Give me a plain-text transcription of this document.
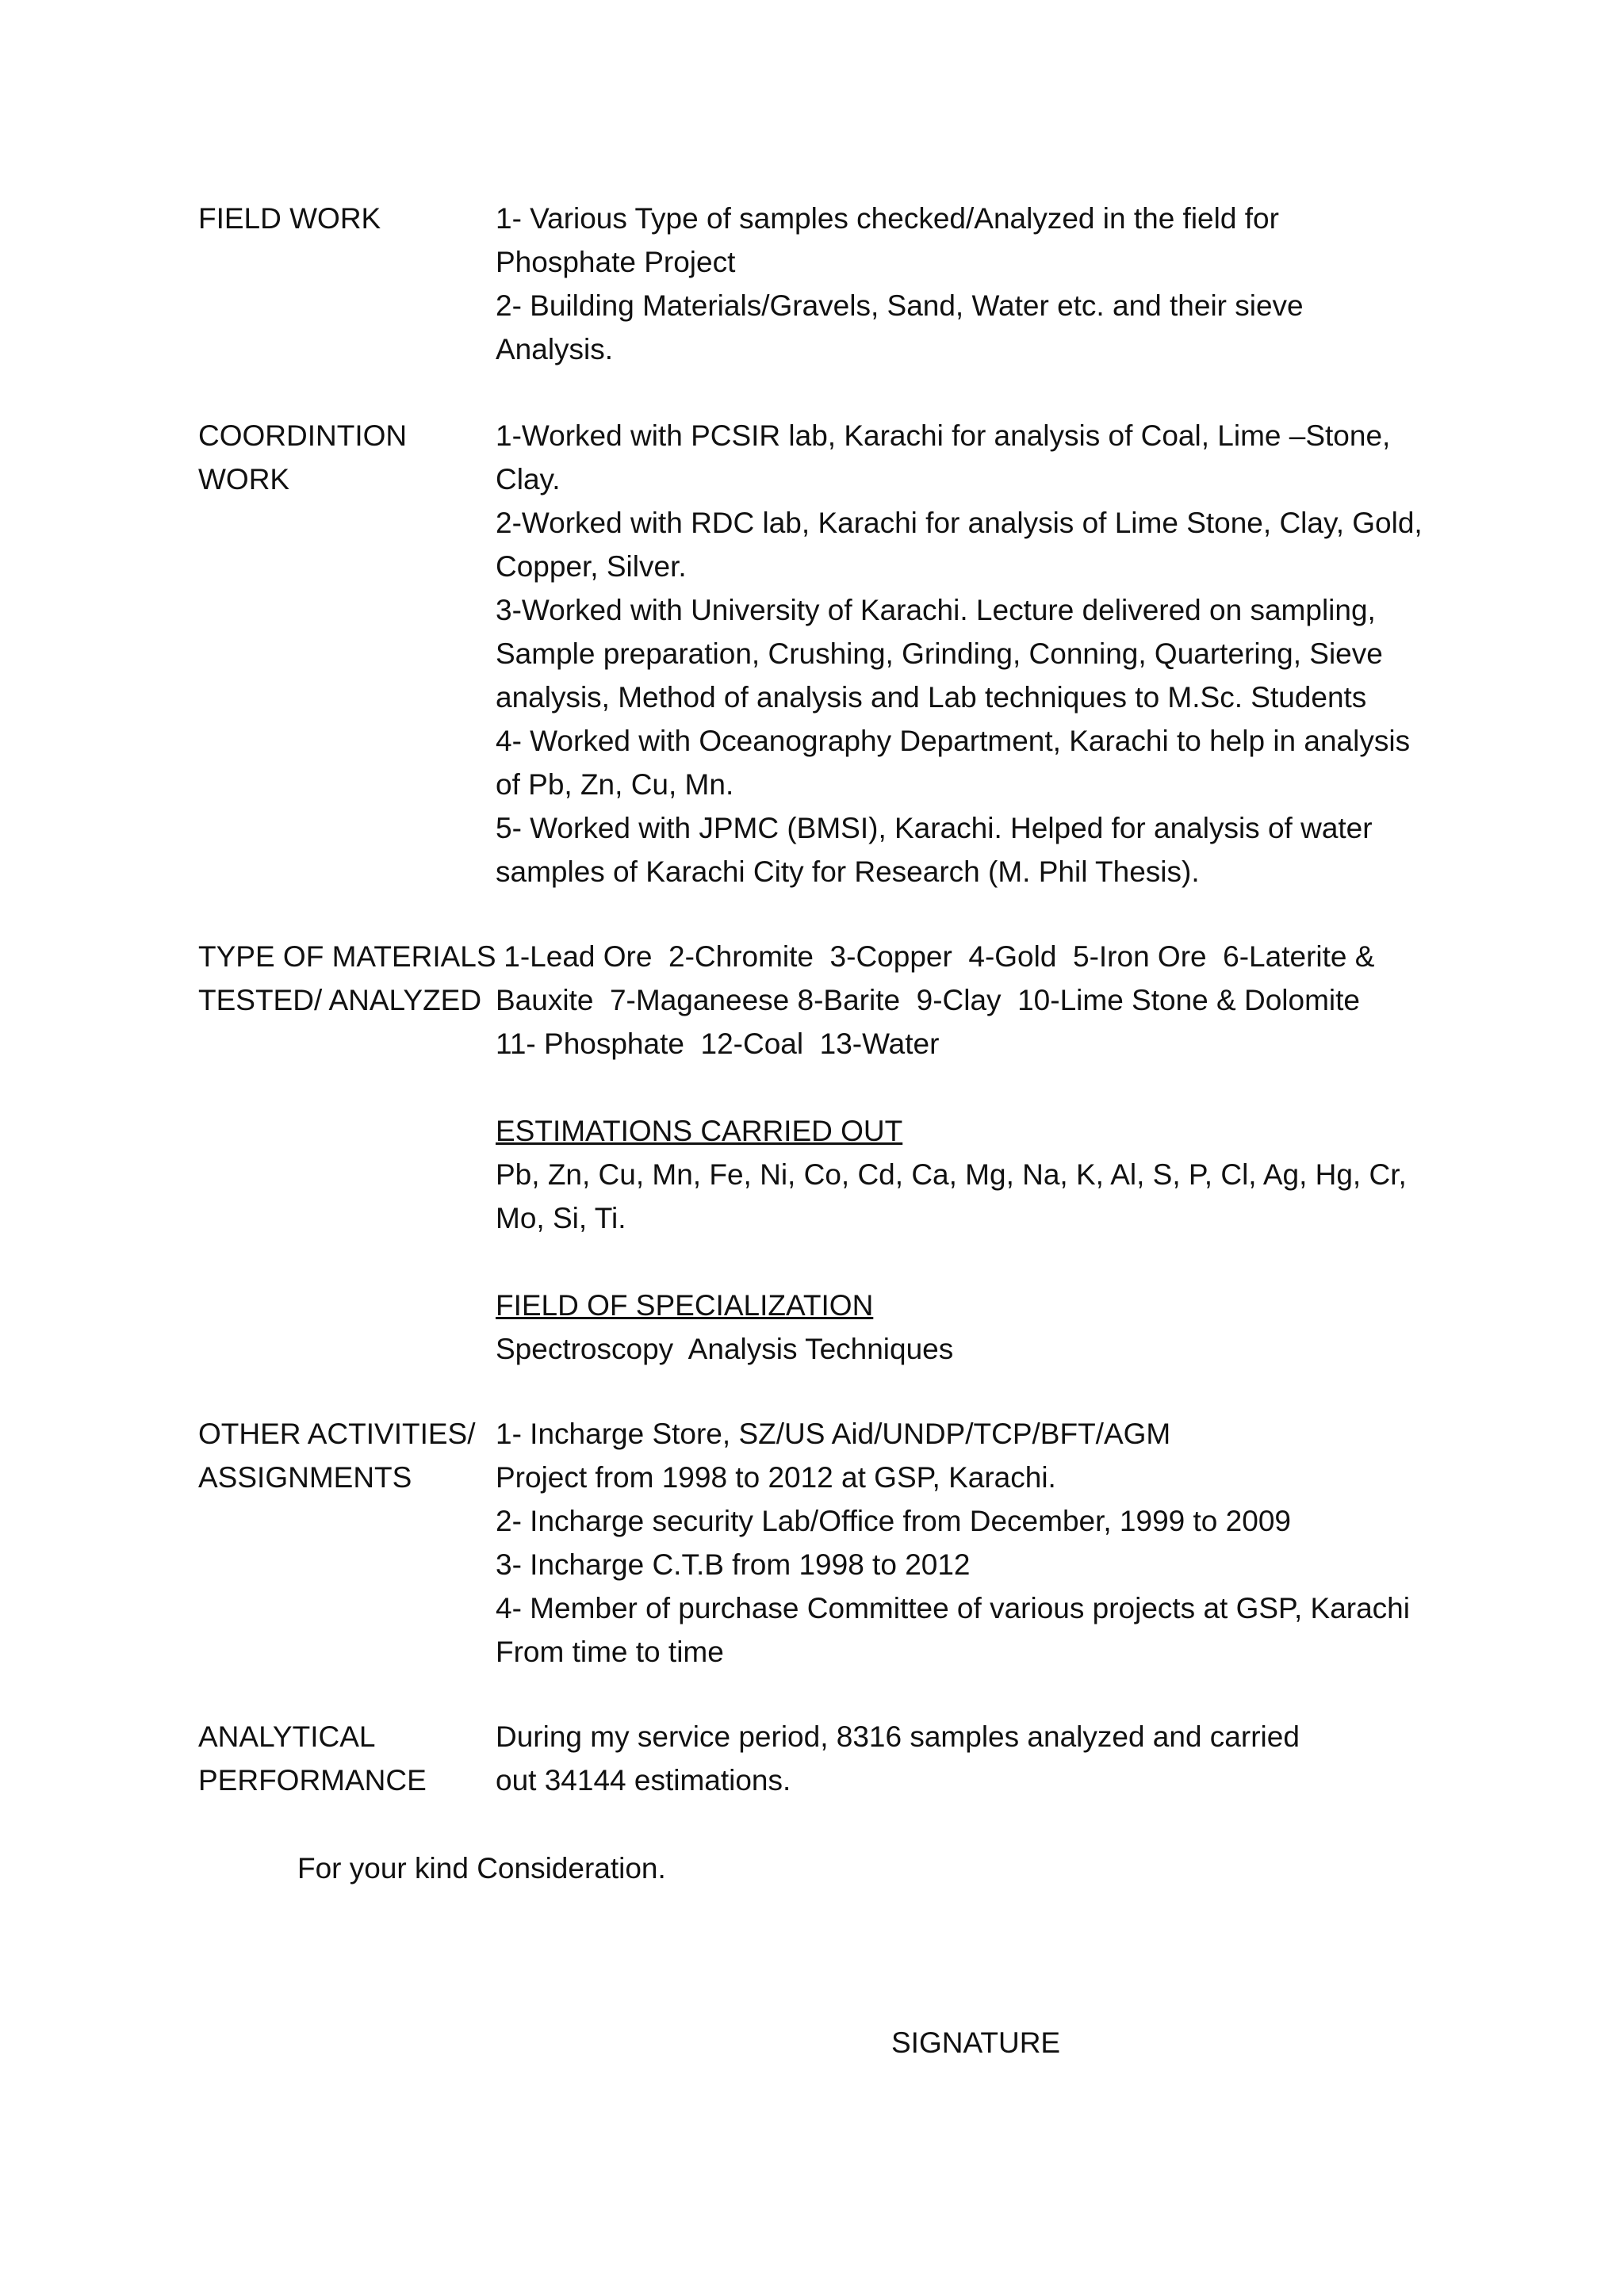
FIELD WORK	1- Various Type of samples checked/Analyzed in the field for
Phosphate Project
2- Building Materials/Gravels, Sand, Water etc. and their sieve
Analysis.
COORDINTION
WORK
1-Worked with PCSIR lab, Karachi for analysis of Coal, Lime –Stone,
Clay.
2-Worked with RDC lab, Karachi for analysis of Lime Stone, Clay, Gold,
Copper, Silver.
3-Worked with University of Karachi. Lecture delivered on sampling,
Sample preparation, Crushing, Grinding, Conning, Quartering, Sieve
analysis, Method of analysis and Lab techniques to M.Sc. Students
4- Worked with Oceanography Department, Karachi to help in analysis
of Pb, Zn, Cu, Mn.
5- Worked with JPMC (BMSI), Karachi. Helped for analysis of water
samples of Karachi City for Research (M. Phil Thesis).
TYPE OF MATERIALS
TESTED/ ANALYZED
1-Lead Ore  2-Chromite  3-Copper  4-Gold  5-Iron Ore  6-Laterite &
Bauxite  7-Maganeese 8-Barite  9-Clay  10-Lime Stone & Dolomite
11- Phosphate  12-Coal  13-Water
ESTIMATIONS CARRIED OUT
Pb, Zn, Cu, Mn, Fe, Ni, Co, Cd, Ca, Mg, Na, K, Al, S, P, Cl, Ag, Hg, Cr,
Mo, Si, Ti.
FIELD OF SPECIALIZATION
Spectroscopy  Analysis Techniques
OTHER ACTIVITIES/
ASSIGNMENTS
1- Incharge Store, SZ/US Aid/UNDP/TCP/BFT/AGM
Project from 1998 to 2012 at GSP, Karachi.
2- Incharge security Lab/Office from December, 1999 to 2009
3- Incharge C.T.B from 1998 to 2012
4- Member of purchase Committee of various projects at GSP, Karachi
From time to time
ANALYTICAL
PERFORMANCE
During my service period, 8316 samples analyzed and carried
out 34144 estimations.
For your kind Consideration.
SIGNATURE
